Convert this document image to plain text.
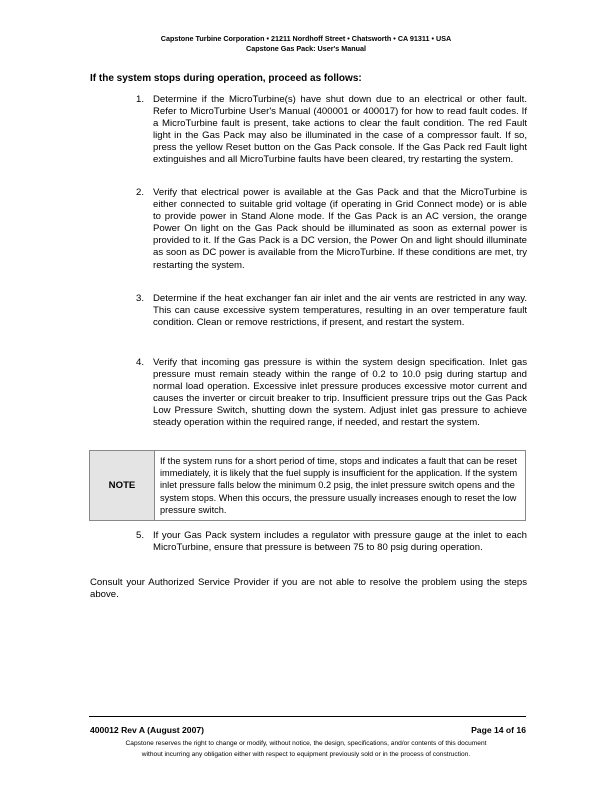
Capstone Turbine Corporation • 21211 Nordhoff Street • Chatsworth • CA 91311 • USA
Capstone Gas Pack: User's Manual
If the system stops during operation, proceed as follows:
1. Determine if the MicroTurbine(s) have shut down due to an electrical or other fault. Refer to MicroTurbine User's Manual (400001 or 400017) for how to read fault codes. If a MicroTurbine fault is present, take actions to clear the fault condition. The red Fault light in the Gas Pack may also be illuminated in the case of a compressor fault. If so, press the yellow Reset button on the Gas Pack console. If the Gas Pack red Fault light extinguishes and all MicroTurbine faults have been cleared, try restarting the system.
2. Verify that electrical power is available at the Gas Pack and that the MicroTurbine is either connected to suitable grid voltage (if operating in Grid Connect mode) or is able to provide power in Stand Alone mode. If the Gas Pack is an AC version, the orange Power On light on the Gas Pack should be illuminated as soon as external power is provided to it. If the Gas Pack is a DC version, the Power On and light should illuminate as soon as DC power is available from the MicroTurbine. If these conditions are met, try restarting the system.
3. Determine if the heat exchanger fan air inlet and the air vents are restricted in any way. This can cause excessive system temperatures, resulting in an over temperature fault condition. Clean or remove restrictions, if present, and restart the system.
4. Verify that incoming gas pressure is within the system design specification. Inlet gas pressure must remain steady within the range of 0.2 to 10.0 psig during startup and normal load operation. Excessive inlet pressure produces excessive motor current and causes the inverter or circuit breaker to trip. Insufficient pressure trips out the Gas Pack Low Pressure Switch, shutting down the system. Adjust inlet gas pressure to achieve steady operation within the required range, if needed, and restart the system.
5. If your Gas Pack system includes a regulator with pressure gauge at the inlet to each MicroTurbine, ensure that pressure is between 75 to 80 psig during operation.
NOTE
If the system runs for a short period of time, stops and indicates a fault that can be reset immediately, it is likely that the fuel supply is insufficient for the application. If the system inlet pressure falls below the minimum 0.2 psig, the inlet pressure switch opens and the system stops. When this occurs, the pressure usually increases enough to reset the low pressure switch.
Consult your Authorized Service Provider if you are not able to resolve the problem using the steps above.
400012 Rev A (August 2007)	Page 14 of 16
Capstone reserves the right to change or modify, without notice, the design, specifications, and/or contents of this document
without incurring any obligation either with respect to equipment previously sold or in the process of construction.
